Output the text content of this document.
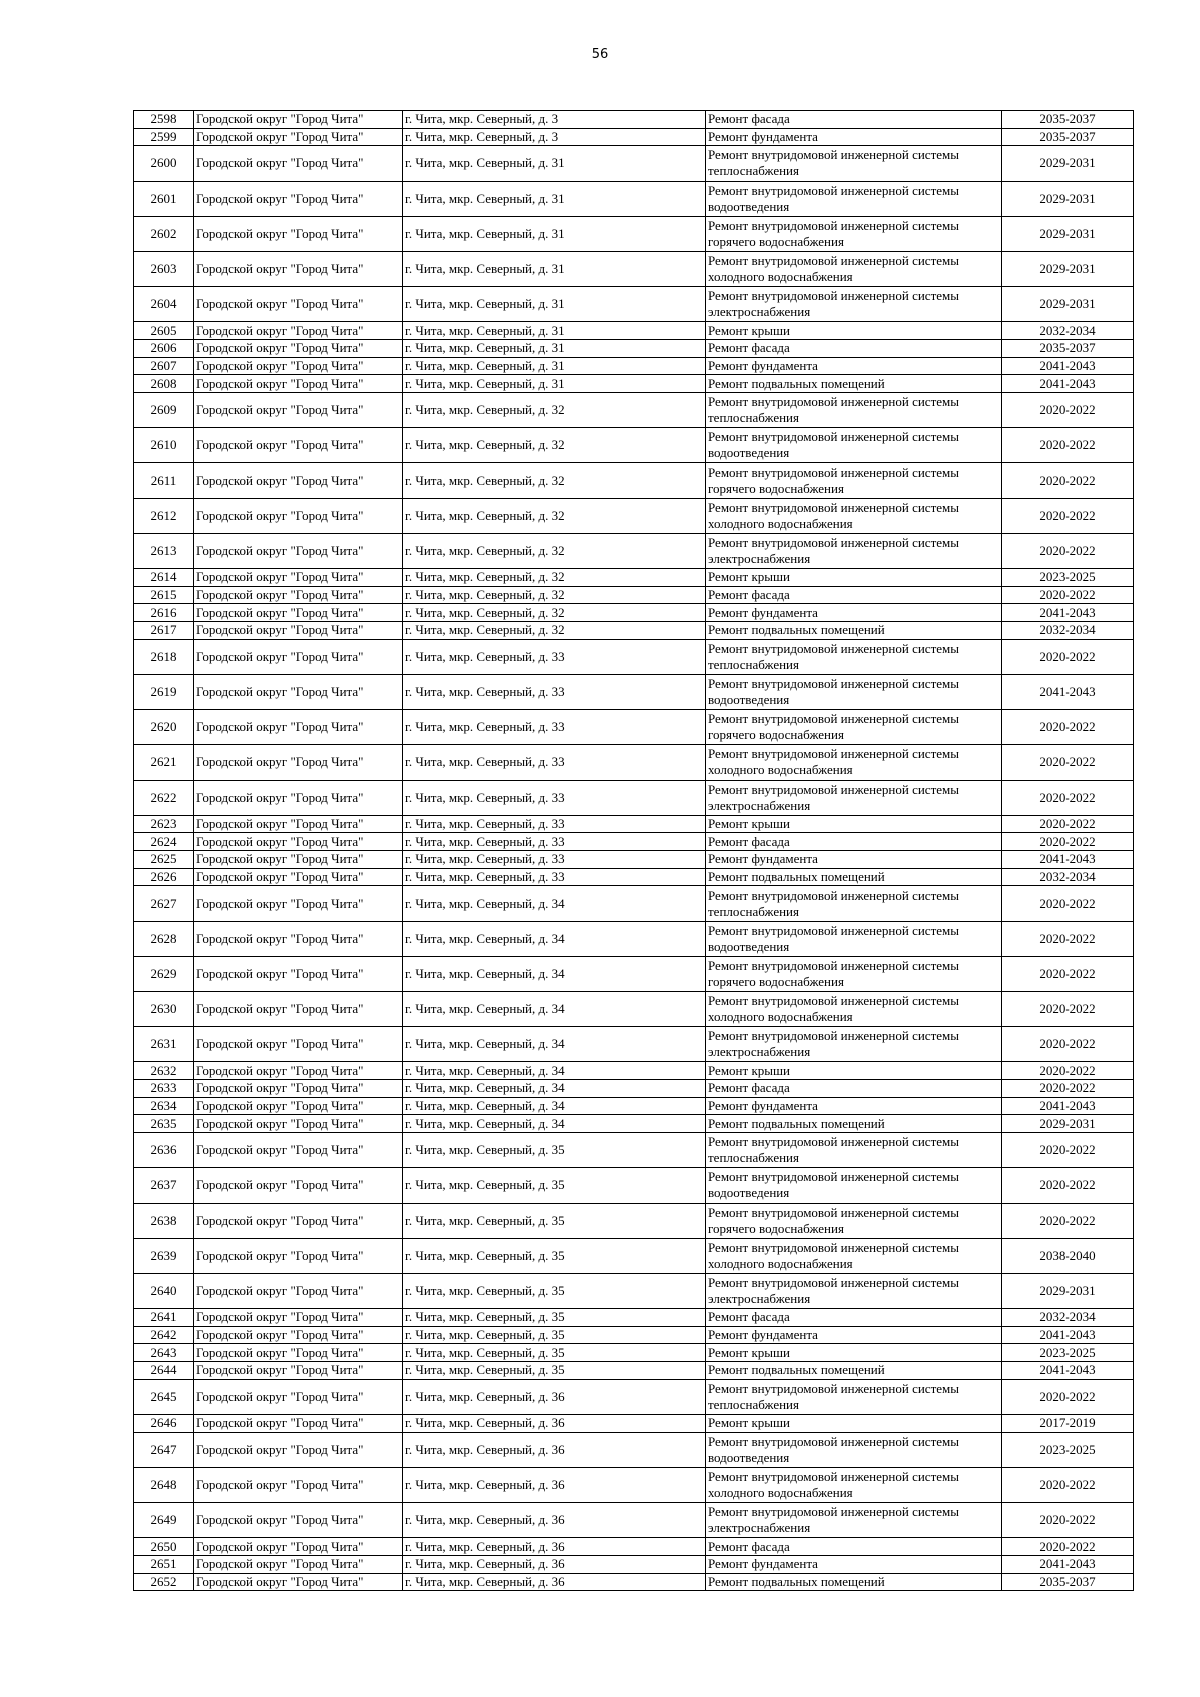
56
2598	Городской округ "Город Чита"	г. Чита, мкр. Северный, д. 3	Ремонт фасада	2035-2037
2599	Городской округ "Город Чита"	г. Чита, мкр. Северный, д. 3	Ремонт фундамента	2035-2037
2600	Городской округ "Город Чита"	г. Чита, мкр. Северный, д. 31	Ремонт внутридомовой инженерной системы теплоснабжения	2029-2031
2601	Городской округ "Город Чита"	г. Чита, мкр. Северный, д. 31	Ремонт внутридомовой инженерной системы водоотведения	2029-2031
2602	Городской округ "Город Чита"	г. Чита, мкр. Северный, д. 31	Ремонт внутридомовой инженерной системы горячего водоснабжения	2029-2031
2603	Городской округ "Город Чита"	г. Чита, мкр. Северный, д. 31	Ремонт внутридомовой инженерной системы холодного водоснабжения	2029-2031
2604	Городской округ "Город Чита"	г. Чита, мкр. Северный, д. 31	Ремонт внутридомовой инженерной системы электроснабжения	2029-2031
2605	Городской округ "Город Чита"	г. Чита, мкр. Северный, д. 31	Ремонт крыши	2032-2034
2606	Городской округ "Город Чита"	г. Чита, мкр. Северный, д. 31	Ремонт фасада	2035-2037
2607	Городской округ "Город Чита"	г. Чита, мкр. Северный, д. 31	Ремонт фундамента	2041-2043
2608	Городской округ "Город Чита"	г. Чита, мкр. Северный, д. 31	Ремонт подвальных помещений	2041-2043
2609	Городской округ "Город Чита"	г. Чита, мкр. Северный, д. 32	Ремонт внутридомовой инженерной системы теплоснабжения	2020-2022
2610	Городской округ "Город Чита"	г. Чита, мкр. Северный, д. 32	Ремонт внутридомовой инженерной системы водоотведения	2020-2022
2611	Городской округ "Город Чита"	г. Чита, мкр. Северный, д. 32	Ремонт внутридомовой инженерной системы горячего водоснабжения	2020-2022
2612	Городской округ "Город Чита"	г. Чита, мкр. Северный, д. 32	Ремонт внутридомовой инженерной системы холодного водоснабжения	2020-2022
2613	Городской округ "Город Чита"	г. Чита, мкр. Северный, д. 32	Ремонт внутридомовой инженерной системы электроснабжения	2020-2022
2614	Городской округ "Город Чита"	г. Чита, мкр. Северный, д. 32	Ремонт крыши	2023-2025
2615	Городской округ "Город Чита"	г. Чита, мкр. Северный, д. 32	Ремонт фасада	2020-2022
2616	Городской округ "Город Чита"	г. Чита, мкр. Северный, д. 32	Ремонт фундамента	2041-2043
2617	Городской округ "Город Чита"	г. Чита, мкр. Северный, д. 32	Ремонт подвальных помещений	2032-2034
2618	Городской округ "Город Чита"	г. Чита, мкр. Северный, д. 33	Ремонт внутридомовой инженерной системы теплоснабжения	2020-2022
2619	Городской округ "Город Чита"	г. Чита, мкр. Северный, д. 33	Ремонт внутридомовой инженерной системы водоотведения	2041-2043
2620	Городской округ "Город Чита"	г. Чита, мкр. Северный, д. 33	Ремонт внутридомовой инженерной системы горячего водоснабжения	2020-2022
2621	Городской округ "Город Чита"	г. Чита, мкр. Северный, д. 33	Ремонт внутридомовой инженерной системы холодного водоснабжения	2020-2022
2622	Городской округ "Город Чита"	г. Чита, мкр. Северный, д. 33	Ремонт внутридомовой инженерной системы электроснабжения	2020-2022
2623	Городской округ "Город Чита"	г. Чита, мкр. Северный, д. 33	Ремонт крыши	2020-2022
2624	Городской округ "Город Чита"	г. Чита, мкр. Северный, д. 33	Ремонт фасада	2020-2022
2625	Городской округ "Город Чита"	г. Чита, мкр. Северный, д. 33	Ремонт фундамента	2041-2043
2626	Городской округ "Город Чита"	г. Чита, мкр. Северный, д. 33	Ремонт подвальных помещений	2032-2034
2627	Городской округ "Город Чита"	г. Чита, мкр. Северный, д. 34	Ремонт внутридомовой инженерной системы теплоснабжения	2020-2022
2628	Городской округ "Город Чита"	г. Чита, мкр. Северный, д. 34	Ремонт внутридомовой инженерной системы водоотведения	2020-2022
2629	Городской округ "Город Чита"	г. Чита, мкр. Северный, д. 34	Ремонт внутридомовой инженерной системы горячего водоснабжения	2020-2022
2630	Городской округ "Город Чита"	г. Чита, мкр. Северный, д. 34	Ремонт внутридомовой инженерной системы холодного водоснабжения	2020-2022
2631	Городской округ "Город Чита"	г. Чита, мкр. Северный, д. 34	Ремонт внутридомовой инженерной системы электроснабжения	2020-2022
2632	Городской округ "Город Чита"	г. Чита, мкр. Северный, д. 34	Ремонт крыши	2020-2022
2633	Городской округ "Город Чита"	г. Чита, мкр. Северный, д. 34	Ремонт фасада	2020-2022
2634	Городской округ "Город Чита"	г. Чита, мкр. Северный, д. 34	Ремонт фундамента	2041-2043
2635	Городской округ "Город Чита"	г. Чита, мкр. Северный, д. 34	Ремонт подвальных помещений	2029-2031
2636	Городской округ "Город Чита"	г. Чита, мкр. Северный, д. 35	Ремонт внутридомовой инженерной системы теплоснабжения	2020-2022
2637	Городской округ "Город Чита"	г. Чита, мкр. Северный, д. 35	Ремонт внутридомовой инженерной системы водоотведения	2020-2022
2638	Городской округ "Город Чита"	г. Чита, мкр. Северный, д. 35	Ремонт внутридомовой инженерной системы горячего водоснабжения	2020-2022
2639	Городской округ "Город Чита"	г. Чита, мкр. Северный, д. 35	Ремонт внутридомовой инженерной системы холодного водоснабжения	2038-2040
2640	Городской округ "Город Чита"	г. Чита, мкр. Северный, д. 35	Ремонт внутридомовой инженерной системы электроснабжения	2029-2031
2641	Городской округ "Город Чита"	г. Чита, мкр. Северный, д. 35	Ремонт фасада	2032-2034
2642	Городской округ "Город Чита"	г. Чита, мкр. Северный, д. 35	Ремонт фундамента	2041-2043
2643	Городской округ "Город Чита"	г. Чита, мкр. Северный, д. 35	Ремонт крыши	2023-2025
2644	Городской округ "Город Чита"	г. Чита, мкр. Северный, д. 35	Ремонт подвальных помещений	2041-2043
2645	Городской округ "Город Чита"	г. Чита, мкр. Северный, д. 36	Ремонт внутридомовой инженерной системы теплоснабжения	2020-2022
2646	Городской округ "Город Чита"	г. Чита, мкр. Северный, д. 36	Ремонт крыши	2017-2019
2647	Городской округ "Город Чита"	г. Чита, мкр. Северный, д. 36	Ремонт внутридомовой инженерной системы водоотведения	2023-2025
2648	Городской округ "Город Чита"	г. Чита, мкр. Северный, д. 36	Ремонт внутридомовой инженерной системы холодного водоснабжения	2020-2022
2649	Городской округ "Город Чита"	г. Чита, мкр. Северный, д. 36	Ремонт внутридомовой инженерной системы электроснабжения	2020-2022
2650	Городской округ "Город Чита"	г. Чита, мкр. Северный, д. 36	Ремонт фасада	2020-2022
2651	Городской округ "Город Чита"	г. Чита, мкр. Северный, д. 36	Ремонт фундамента	2041-2043
2652	Городской округ "Город Чита"	г. Чита, мкр. Северный, д. 36	Ремонт подвальных помещений	2035-2037
